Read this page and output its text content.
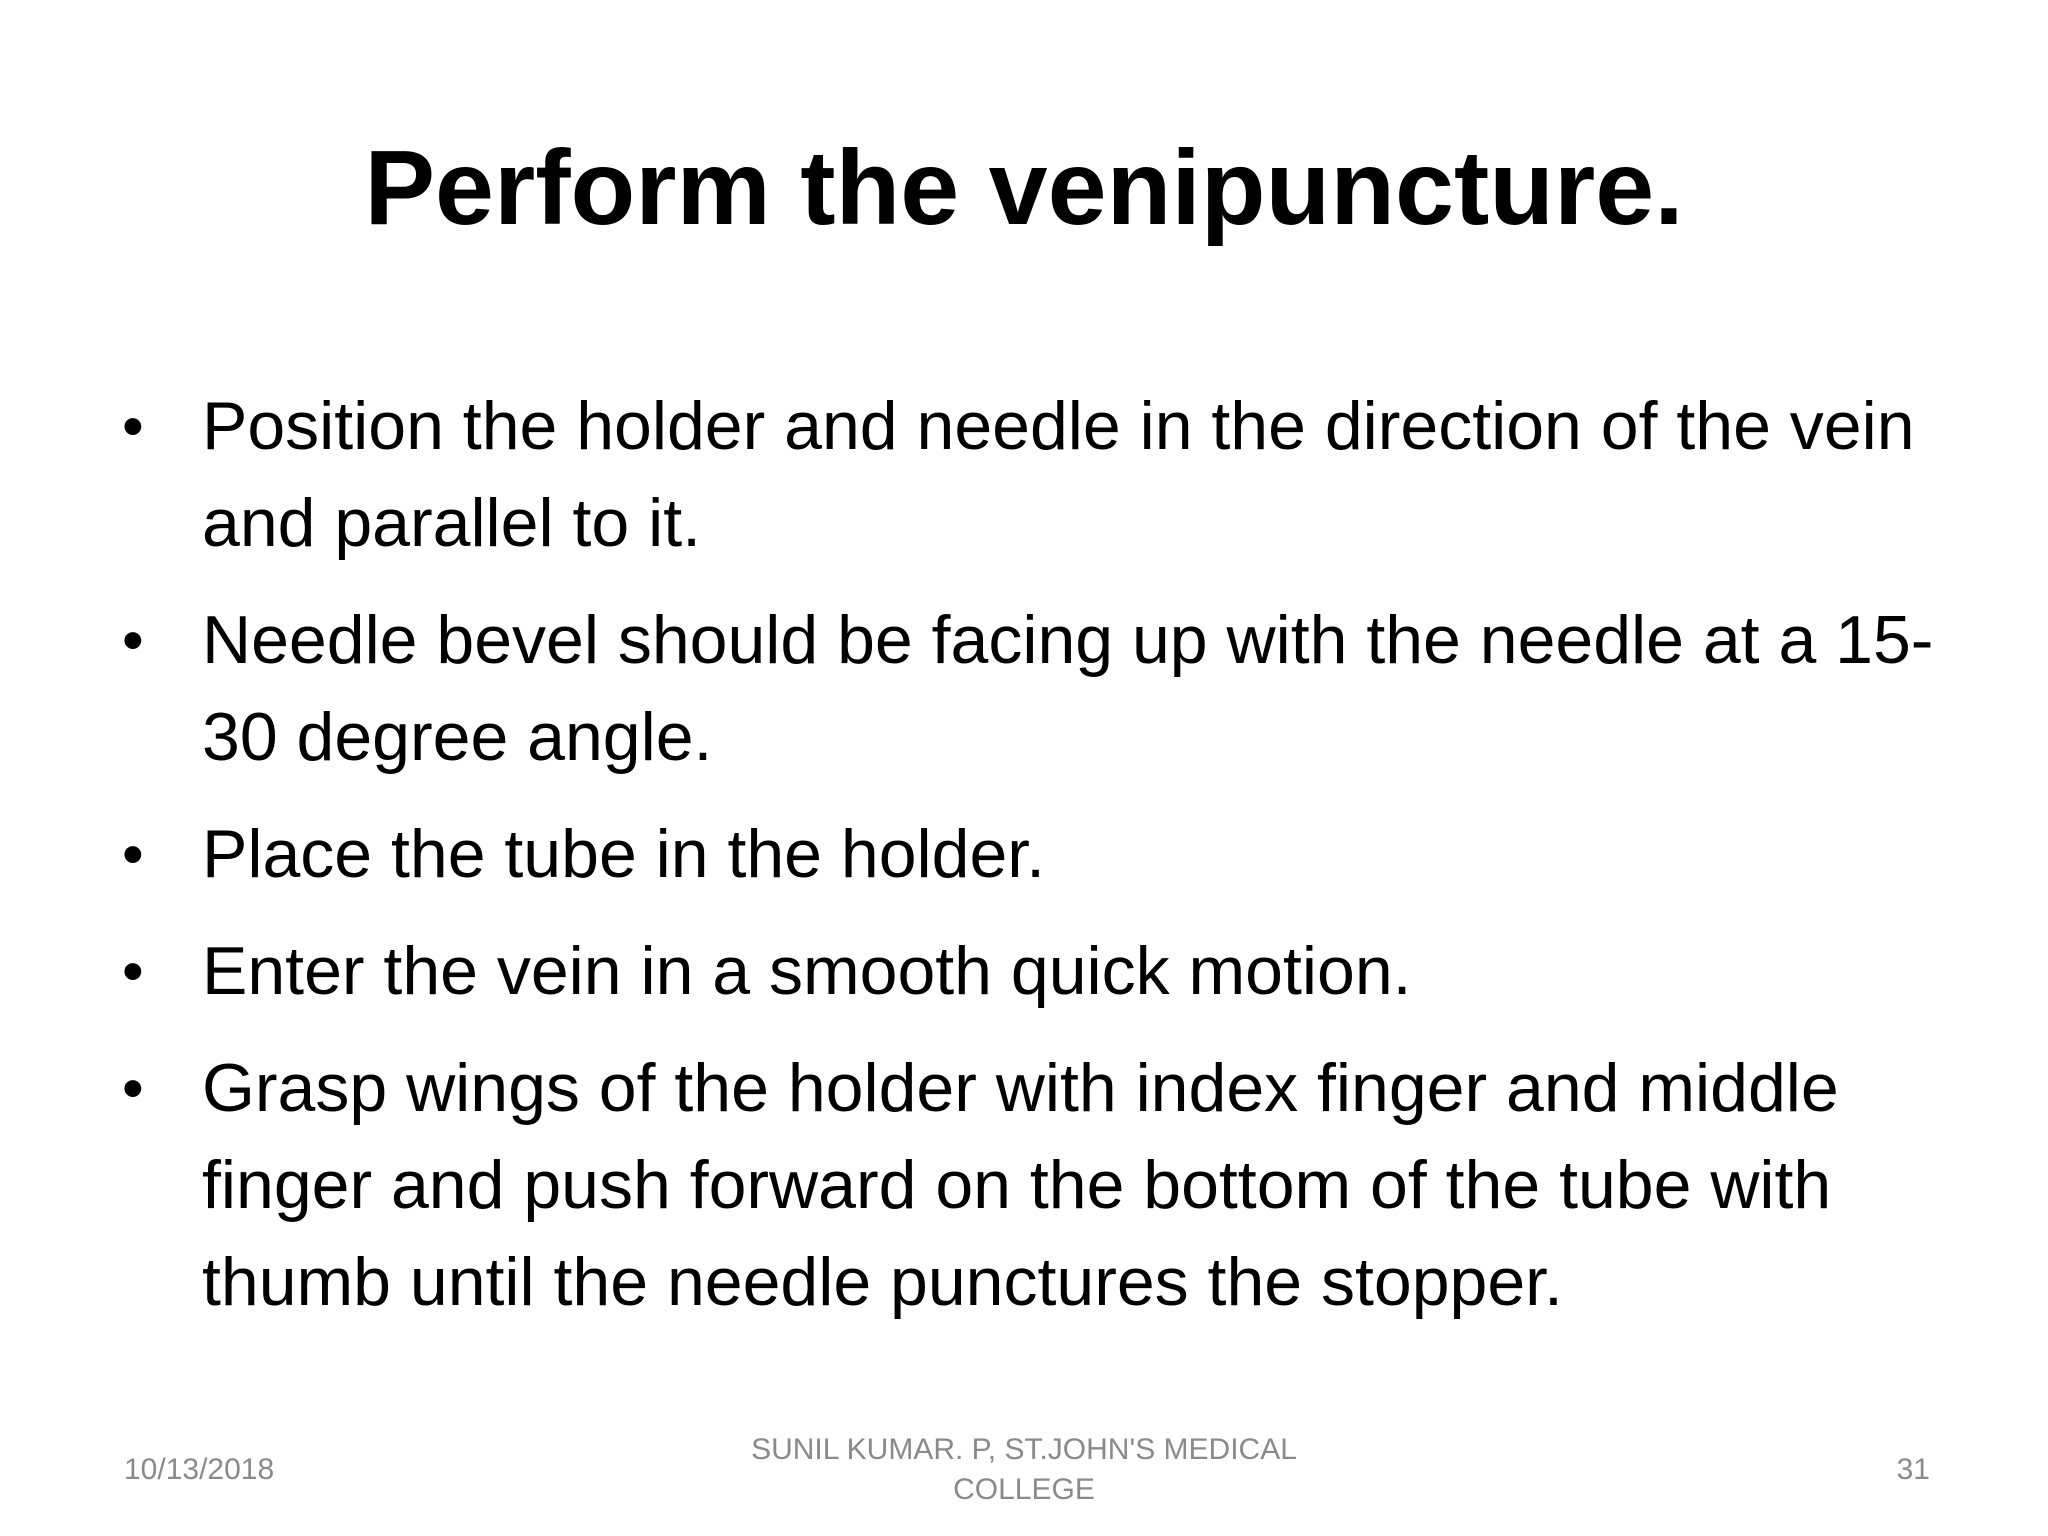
Perform the venipuncture.
• Position the holder and needle in the direction of the vein and parallel to it.
• Needle bevel should be facing up with the needle at a 15-30 degree angle.
• Place the tube in the holder.
• Enter the vein in a smooth quick motion.
• Grasp wings of the holder with index finger and middle finger and push forward on the bottom of the tube with thumb until the needle punctures the stopper.
10/13/2018
SUNIL KUMAR. P, ST.JOHN'S MEDICAL COLLEGE
31
